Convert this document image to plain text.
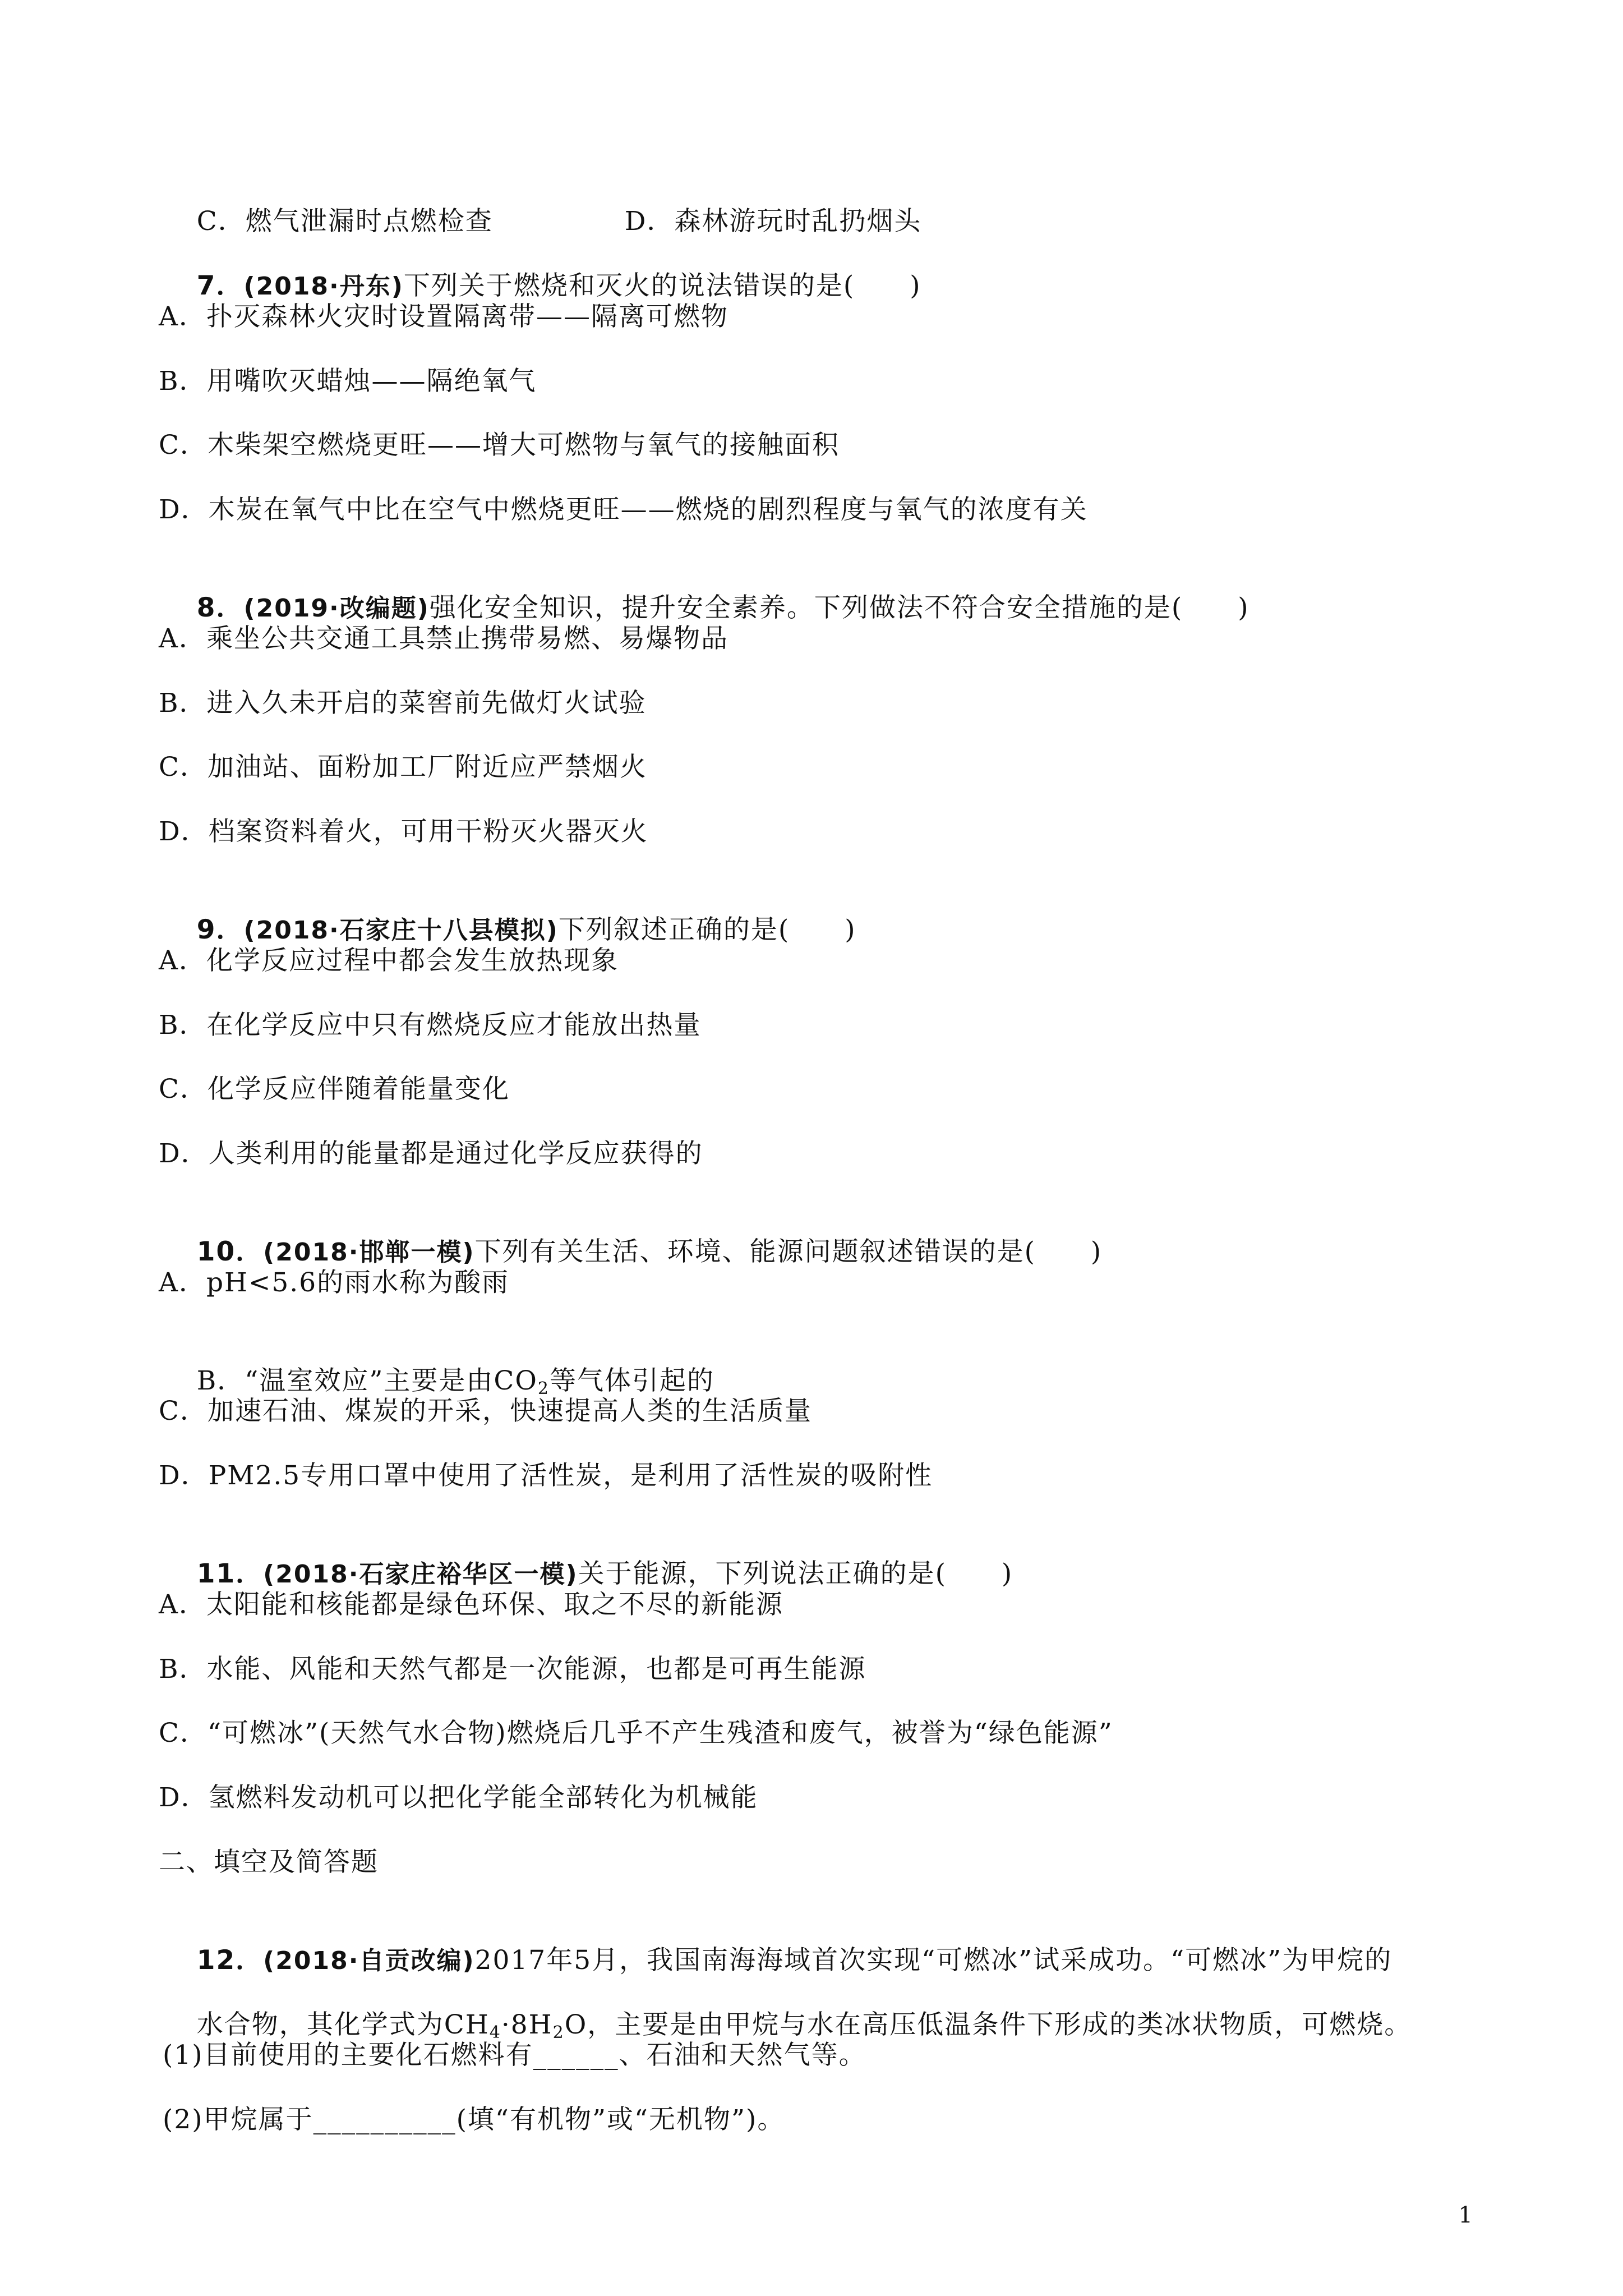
C．燃气泄漏时点燃检查	D．森林游玩时乱扔烟头

7．(2018·丹东)下列关于燃烧和灭火的说法错误的是(　　)

A．扑灭森林火灾时设置隔离带——隔离可燃物
B．用嘴吹灭蜡烛——隔绝氧气
C．木柴架空燃烧更旺——增大可燃物与氧气的接触面积
D．木炭在氧气中比在空气中燃烧更旺——燃烧的剧烈程度与氧气的浓度有关

8．(2019·改编题)强化安全知识，提升安全素养。下列做法不符合安全措施的是(　　)

A．乘坐公共交通工具禁止携带易燃、易爆物品
B．进入久未开启的菜窖前先做灯火试验
C．加油站、面粉加工厂附近应严禁烟火
D．档案资料着火，可用干粉灭火器灭火

9．(2018·石家庄十八县模拟)下列叙述正确的是(　　)

A．化学反应过程中都会发生放热现象
B．在化学反应中只有燃烧反应才能放出热量
C．化学反应伴随着能量变化
D．人类利用的能量都是通过化学反应获得的

10．(2018·邯郸一模)下列有关生活、环境、能源问题叙述错误的是(　　)

A．pH<5.6的雨水称为酸雨

B．“温室效应”主要是由$CO_2$等气体引起的

C．加速石油、煤炭的开采，快速提高人类的生活质量
D．PM2.5专用口罩中使用了活性炭，是利用了活性炭的吸附性

11．(2018·石家庄裕华区一模)关于能源，下列说法正确的是(　　)

A．太阳能和核能都是绿色环保、取之不尽的新能源
B．水能、风能和天然气都是一次能源，也都是可再生能源
C．“可燃冰”(天然气水合物)燃烧后几乎不产生残渣和废气，被誉为“绿色能源”
D．氢燃料发动机可以把化学能全部转化为机械能
二、填空及简答题

12．(2018·自贡改编)2017年5月，我国南海海域首次实现“可燃冰”试采成功。“可燃冰”为甲烷的

水合物，其化学式为$CH_4\cdot 8H_2O$，主要是由甲烷与水在高压低温条件下形成的类冰状物质，可燃烧。

(1)目前使用的主要化石燃料有______、石油和天然气等。
(2)甲烷属于__________(填“有机物”或“无机物”)。
1
